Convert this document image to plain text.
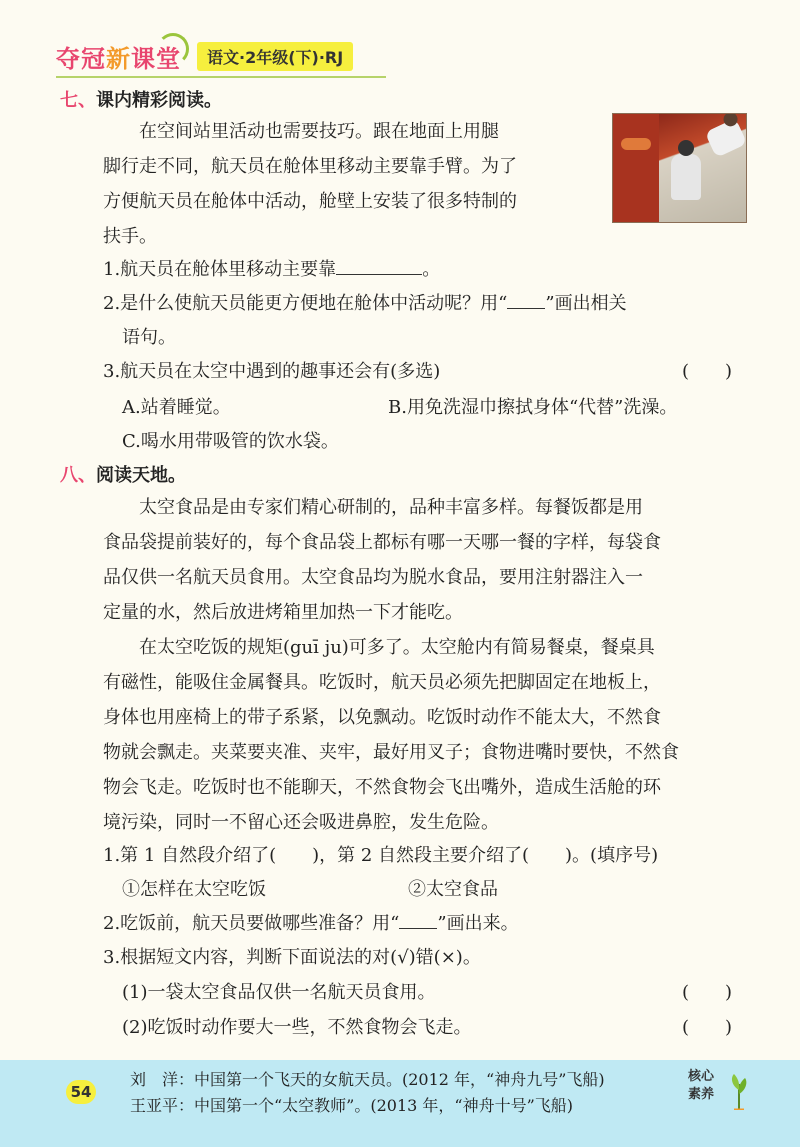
夺冠新课堂	语文·2年级(下)·RJ
七、课内精彩阅读。

在空间站里活动也需要技巧。跟在地面上用腿

脚行走不同，航天员在舱体里移动主要靠手臂。为了

方便航天员在舱体中活动，舱壁上安装了很多特制的

扶手。

1.航天员在舱体里移动主要靠	。
2.是什么使航天员能更方便地在舱体中活动呢？用“ ”画出相关
语句。
3.航天员在太空中遇到的趣事还会有(多选)	(　　)
A.站着睡觉。	B.用免洗湿巾擦拭身体“代替”洗澡。
C.喝水用带吸管的饮水袋。
八、阅读天地。

太空食品是由专家们精心研制的，品种丰富多样。每餐饭都是用

食品袋提前装好的，每个食品袋上都标有哪一天哪一餐的字样，每袋食

品仅供一名航天员食用。太空食品均为脱水食品，要用注射器注入一

定量的水，然后放进烤箱里加热一下才能吃。

在太空吃饭的规矩(guī ju)可多了。太空舱内有简易餐桌，餐桌具

有磁性，能吸住金属餐具。吃饭时，航天员必须先把脚固定在地板上，

身体也用座椅上的带子系紧，以免飘动。吃饭时动作不能太大，不然食

物就会飘走。夹菜要夹准、夹牢，最好用叉子；食物进嘴时要快，不然食

物会飞走。吃饭时也不能聊天，不然食物会飞出嘴外，造成生活舱的环

境污染，同时一不留心还会吸进鼻腔，发生危险。

1.第 1 自然段介绍了(　　)，第 2 自然段主要介绍了(　　)。(填序号)
①怎样在太空吃饭	②太空食品
2.吃饭前，航天员要做哪些准备？用“ ”画出来。
3.根据短文内容，判断下面说法的对(√)错(×)。
(1)一袋太空食品仅供一名航天员食用。	(　　)
(2)吃饭时动作要大一些，不然食物会飞走。	(　　)
54
刘　洋：中国第一个飞天的女航天员。(2012 年，“神舟九号”飞船)
王亚平：中国第一个“太空教师”。(2013 年，“神舟十号”飞船)
核心
素养
